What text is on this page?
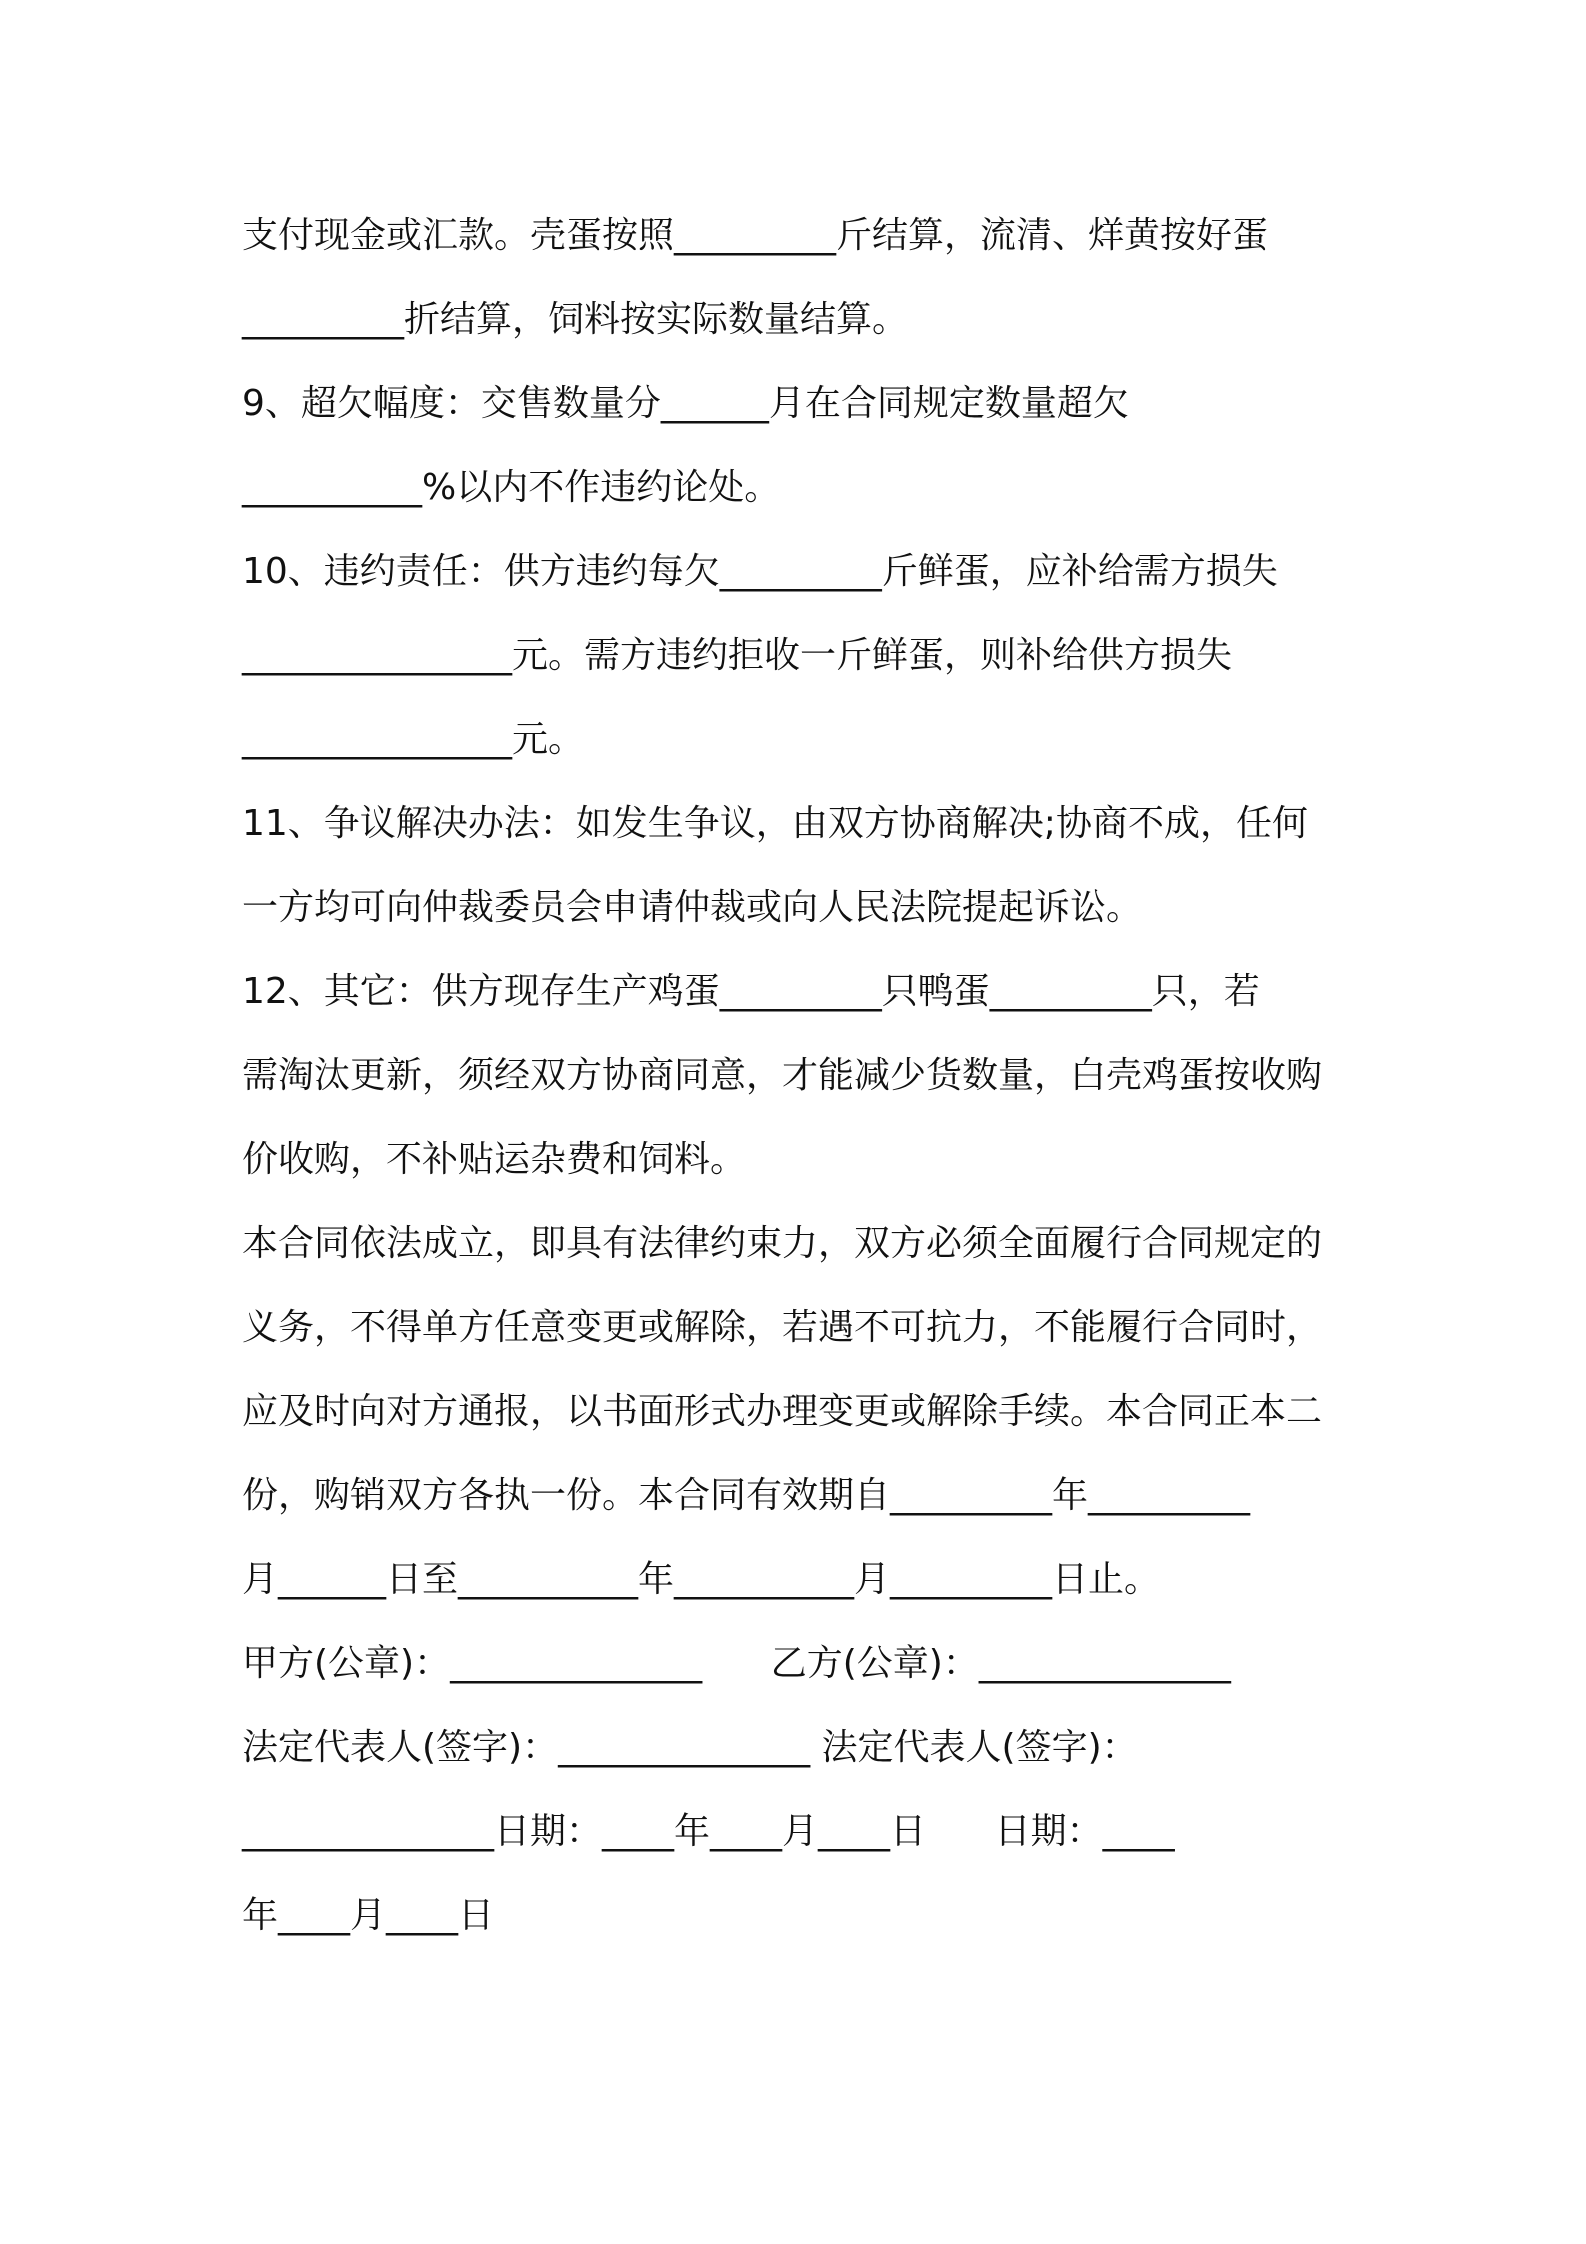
支付现金或汇款。壳蛋按照_________斤结算，流清、烊黄按好蛋
_________折结算，饲料按实际数量结算。
9、超欠幅度：交售数量分______月在合同规定数量超欠
__________%以内不作违约论处。
10、违约责任：供方违约每欠_________斤鲜蛋，应补给需方损失
_______________元。需方违约拒收一斤鲜蛋，则补给供方损失
_______________元。
11、争议解决办法：如发生争议，由双方协商解决;协商不成，任何
一方均可向仲裁委员会申请仲裁或向人民法院提起诉讼。
12、其它：供方现存生产鸡蛋_________只鸭蛋_________只，若
需淘汰更新，须经双方协商同意，才能减少货数量，白壳鸡蛋按收购
价收购，不补贴运杂费和饲料。
本合同依法成立，即具有法律约束力，双方必须全面履行合同规定的
义务，不得单方任意变更或解除，若遇不可抗力，不能履行合同时，
应及时向对方通报，以书面形式办理变更或解除手续。本合同正本二
份，购销双方各执一份。本合同有效期自_________年_________
月______日至__________年__________月_________日止。
甲方(公章)：______________      乙方(公章)：______________
法定代表人(签字)：______________ 法定代表人(签字)：
______________日期：____年____月____日      日期：____
年____月____日
